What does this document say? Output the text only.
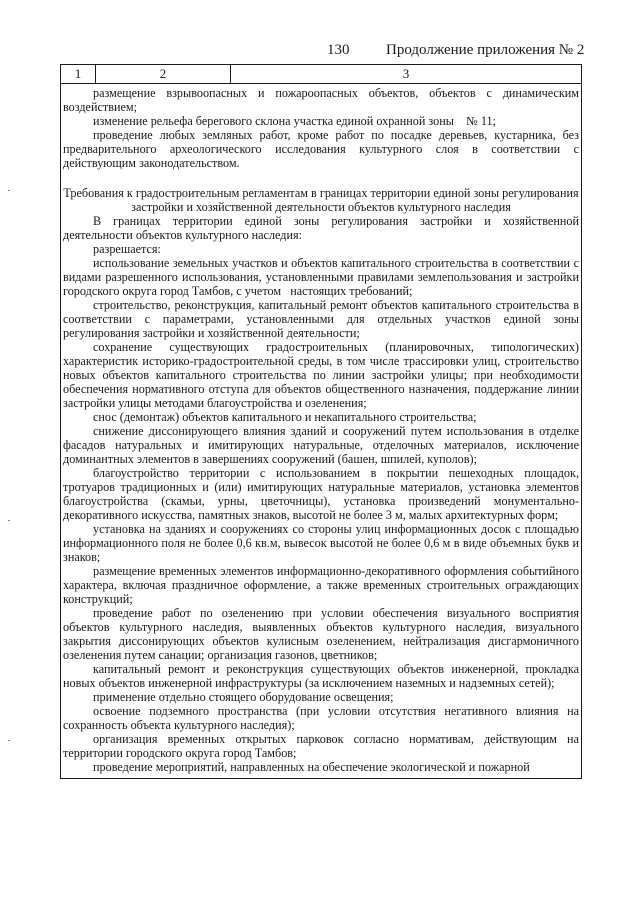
130 Продолжение приложения № 2
1	2	3

размещение взрывоопасных и пожароопасных объектов, объектов с динамическим воздействием;

изменение рельефа берегового склона участка единой охранной зоны    № 11;

проведение любых земляных работ, кроме работ по посадке деревьев, кустарника, без предварительного археологического исследования культурного слоя в соответствии с действующим законодательством.

Требования к градостроительным регламентам в границах территории единой зоны регулирования застройки и хозяйственной деятельности объектов культурного наследия

В границах территории единой зоны регулирования застройки и хозяйственной деятельности объектов культурного наследия:

разрешается:

использование земельных участков и объектов капитального строительства в соответствии с видами разрешенного использования, установленными правилами землепользования и застройки городского округа город Тамбов, с учетом   настоящих требований;

строительство, реконструкция, капитальный ремонт объектов капитального строительства в соответствии с параметрами, установленными для отдельных участков единой зоны регулирования застройки и хозяйственной деятельности;

сохранение существующих градостроительных (планировочных, типологических) характеристик историко-градостроительной среды, в том числе трассировки улиц, строительство новых объектов капитального строительства по линии застройки улицы; при необходимости обеспечения нормативного отступа для объектов общественного назначения, поддержание линии застройки улицы методами благоустройства и озеленения;

снос (демонтаж) объектов капитального и некапитального строительства;

снижение диссонирующего влияния зданий и сооружений путем использования в отделке фасадов натуральных и имитирующих натуральные, отделочных материалов, исключение доминантных элементов в завершениях сооружений (башен, шпилей, куполов);

благоустройство территории с использованием в покрытии пешеходных площадок, тротуаров традиционных и (или) имитирующих натуральные материалов, установка элементов благоустройства (скамьи, урны, цветочницы), установка произведений монументально-декоративного искусства, памятных знаков, высотой не более 3 м, малых архитектурных форм;

установка на зданиях и сооружениях со стороны улиц информационных досок с площадью информационного поля не более 0,6 кв.м, вывесок высотой не более 0,6 м в виде объемных букв и знаков;

размещение временных элементов информационно-декоративного оформления событийного характера, включая праздничное оформление, а также временных строительных ограждающих конструкций;

проведение работ по озеленению при условии обеспечения визуального восприятия объектов культурного наследия, выявленных объектов культурного наследия, визуального закрытия диссонирующих объектов кулисным озеленением, нейтрализация дисгармоничного озеленения путем санации; организация газонов, цветников;

капитальный ремонт и реконструкция существующих объектов инженерной, прокладка новых объектов инженерной инфраструктуры (за исключением наземных и надземных сетей);

применение отдельно стоящего оборудование освещения;

освоение подземного пространства (при условии отсутствия негативного влияния на сохранность объекта культурного наследия);

организация временных открытых парковок согласно нормативам, действующим на территории городского округа город Тамбов;

проведение мероприятий, направленных на обеспечение экологической и пожарной
